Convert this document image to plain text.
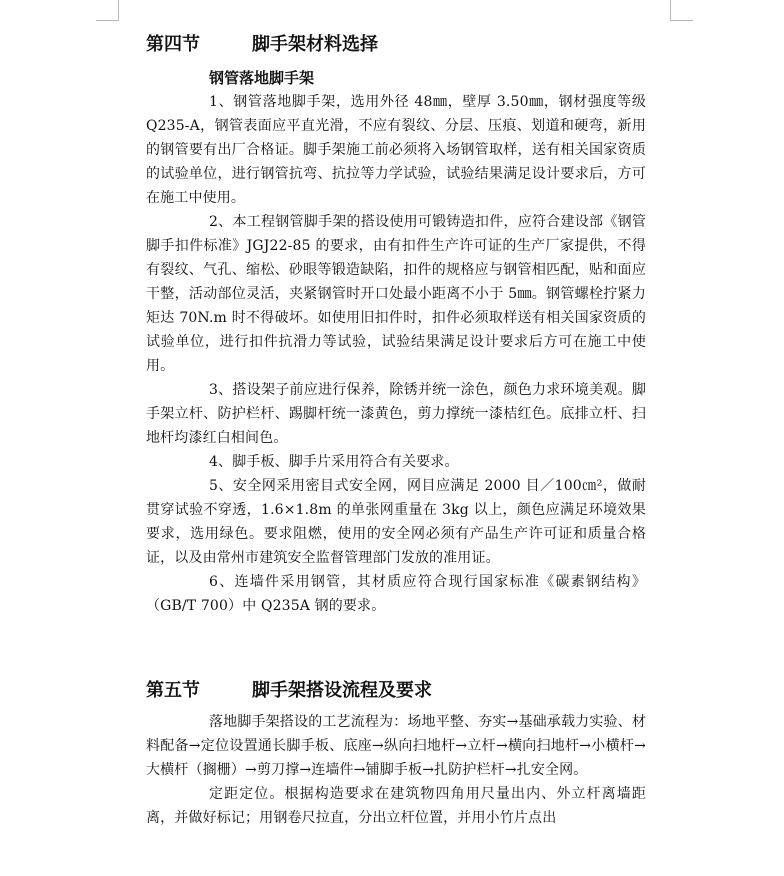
第四节	脚手架材料选择
钢管落地脚手架

1、钢管落地脚手架，选用外径 48㎜，壁厚 3.50㎜，钢材强度等级 Q235-A，钢管表面应平直光滑，不应有裂纹、分层、压痕、划道和硬弯，新用的钢管要有出厂合格证。脚手架施工前必须将入场钢管取样，送有相关国家资质的试验单位，进行钢管抗弯、抗拉等力学试验，试验结果满足设计要求后，方可在施工中使用。

2、本工程钢管脚手架的搭设使用可锻铸造扣件，应符合建设部《钢管脚手扣件标准》JGJ22-85 的要求，由有扣件生产许可证的生产厂家提供，不得有裂纹、气孔、缩松、砂眼等锻造缺陷，扣件的规格应与钢管相匹配，贴和面应干整，活动部位灵活，夹紧钢管时开口处最小距离不小于 5㎜。钢管螺栓拧紧力矩达 70N.m 时不得破坏。如使用旧扣件时，扣件必须取样送有相关国家资质的试验单位，进行扣件抗滑力等试验，试验结果满足设计要求后方可在施工中使用。

3、搭设架子前应进行保养，除锈并统一涂色，颜色力求环境美观。脚手架立杆、防护栏杆、踢脚杆统一漆黄色，剪力撑统一漆桔红色。底排立杆、扫地杆均漆红白相间色。

4、脚手板、脚手片采用符合有关要求。

5、安全网采用密目式安全网，网目应满足 2000 目／100㎝²，做耐贯穿试验不穿透，1.6×1.8m 的单张网重量在 3kg 以上，颜色应满足环境效果要求，选用绿色。要求阻燃，使用的安全网必须有产品生产许可证和质量合格证，以及由常州市建筑安全监督管理部门发放的准用证。

6、连墙件采用钢管，其材质应符合现行国家标准《碳素钢结构》（GB/T 700）中 Q235A 钢的要求。

第五节	脚手架搭设流程及要求

落地脚手架搭设的工艺流程为：场地平整、夯实→基础承载力实验、材料配备→定位设置通长脚手板、底座→纵向扫地杆→立杆→横向扫地杆→小横杆→大横杆（搁栅）→剪刀撑→连墙件→铺脚手板→扎防护栏杆→扎安全网。

定距定位。根据构造要求在建筑物四角用尺量出内、外立杆离墙距离，并做好标记；用钢卷尺拉直，分出立杆位置，并用小竹片点出
